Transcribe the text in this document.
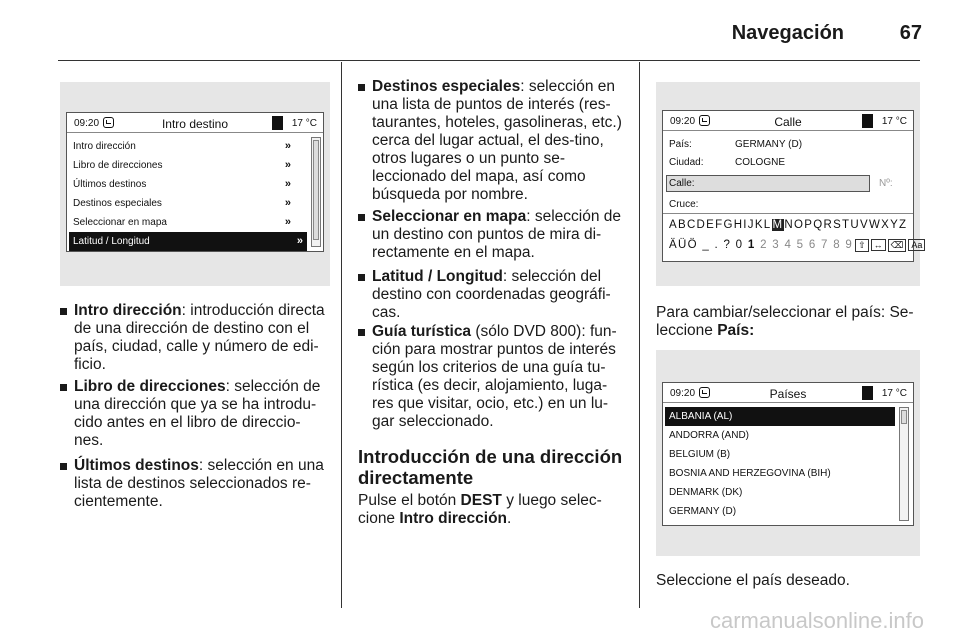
Navegación	67
09:20	Intro destino	17 °C
Intro dirección	»
Libro de direcciones	»
Últimos destinos	»
Destinos especiales	»
Seleccionar en mapa	»
Latitud / Longitud	»
Intro dirección: introducción directa de una dirección de destino con el país, ciudad, calle y número de edi-ficio.
Libro de direcciones: selección de una dirección que ya se ha introdu-cido antes en el libro de direccio-nes.
Últimos destinos: selección en una lista de destinos seleccionados re-cientemente.
Destinos especiales: selección en una lista de puntos de interés (res-taurantes, hoteles, gasolineras, etc.) cerca del lugar actual, el des-tino, otros lugares o un punto se-leccionado del mapa, así como búsqueda por nombre.
Seleccionar en mapa: selección de un destino con puntos de mira di-rectamente en el mapa.
Latitud / Longitud: selección del destino con coordenadas geográfi-cas.
Guía turística (sólo DVD 800): fun-ción para mostrar puntos de interés según los criterios de una guía tu-rística (es decir, alojamiento, luga-res que visitar, ocio, etc.) en un lu-gar seleccionado.
Introducción de una dirección directamente
Pulse el botón DEST y luego selec-cione Intro dirección.
09:20	Calle	17 °C
País:	GERMANY (D)
Ciudad:	COLOGNE
Calle:	Nº:
Cruce:
ABCDEFGHIJKLMNOPQRSTUVWXYZ
ÄÜÖ _ . ? 0 1 2 3 4 5 6 7 8 9 ⇧ ↔ ⌫ Aa
Para cambiar/seleccionar el país: Se-leccione País:
09:20	Países	17 °C
ALBANIA (AL)
ANDORRA (AND)
BELGIUM (B)
BOSNIA AND HERZEGOVINA (BIH)
DENMARK (DK)
GERMANY (D)
Seleccione el país deseado.
carmanualsonline.info
